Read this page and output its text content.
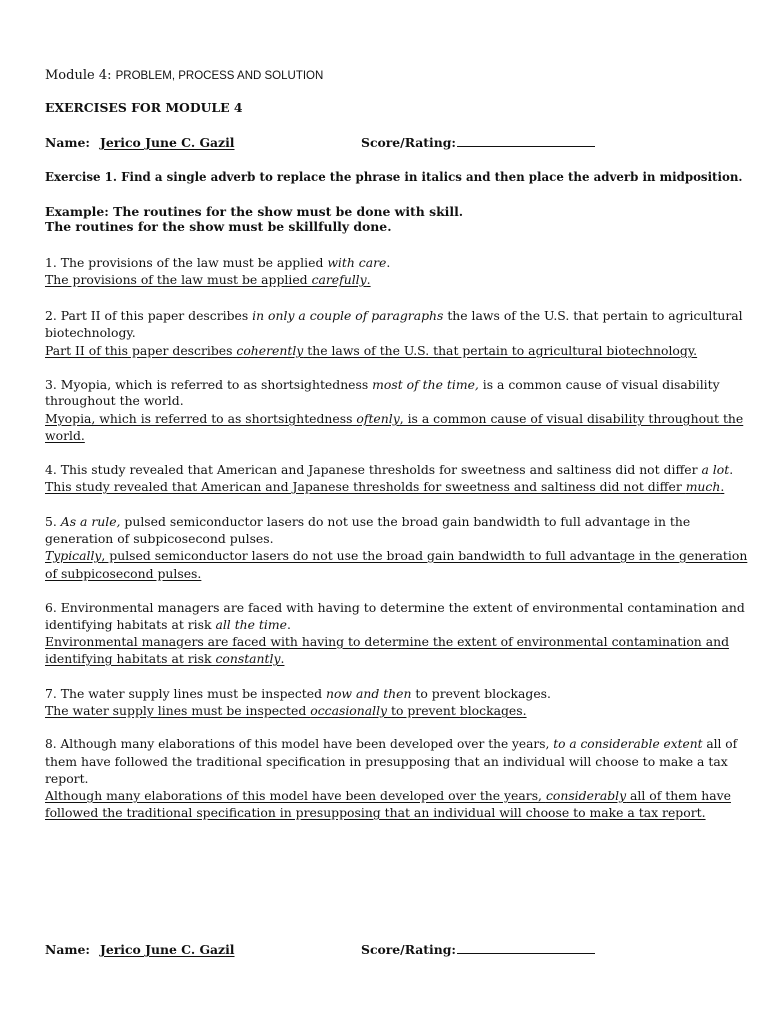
Module 4: PROBLEM, PROCESS AND SOLUTION
EXERCISES FOR MODULE 4
Name: Jerico June C. Gazil	Score/Rating:
Exercise 1. Find a single adverb to replace the phrase in italics and then place the adverb in midposition.
Example: The routines for the show must be done with skill.
The routines for the show must be skillfully done.
1. The provisions of the law must be applied with care.
The provisions of the law must be applied carefully.
2. Part II of this paper describes in only a couple of paragraphs the laws of the U.S. that pertain to agricultural
biotechnology.
Part II of this paper describes coherently the laws of the U.S. that pertain to agricultural biotechnology.
3. Myopia, which is referred to as shortsightedness most of the time, is a common cause of visual disability
throughout the world.
Myopia, which is referred to as shortsightedness oftenly, is a common cause of visual disability throughout the
world.
4. This study revealed that American and Japanese thresholds for sweetness and saltiness did not differ a lot.
This study revealed that American and Japanese thresholds for sweetness and saltiness did not differ much.
5. As a rule, pulsed semiconductor lasers do not use the broad gain bandwidth to full advantage in the
generation of subpicosecond pulses.
Typically, pulsed semiconductor lasers do not use the broad gain bandwidth to full advantage in the generation
of subpicosecond pulses.
6. Environmental managers are faced with having to determine the extent of environmental contamination and
identifying habitats at risk all the time.
Environmental managers are faced with having to determine the extent of environmental contamination and
identifying habitats at risk constantly.
7. The water supply lines must be inspected now and then to prevent blockages.
The water supply lines must be inspected occasionally to prevent blockages.
8. Although many elaborations of this model have been developed over the years, to a considerable extent all of
them have followed the traditional specification in presupposing that an individual will choose to make a tax
report.
Although many elaborations of this model have been developed over the years, considerably all of them have
followed the traditional specification in presupposing that an individual will choose to make a tax report.
Name: Jerico June C. Gazil	Score/Rating:
